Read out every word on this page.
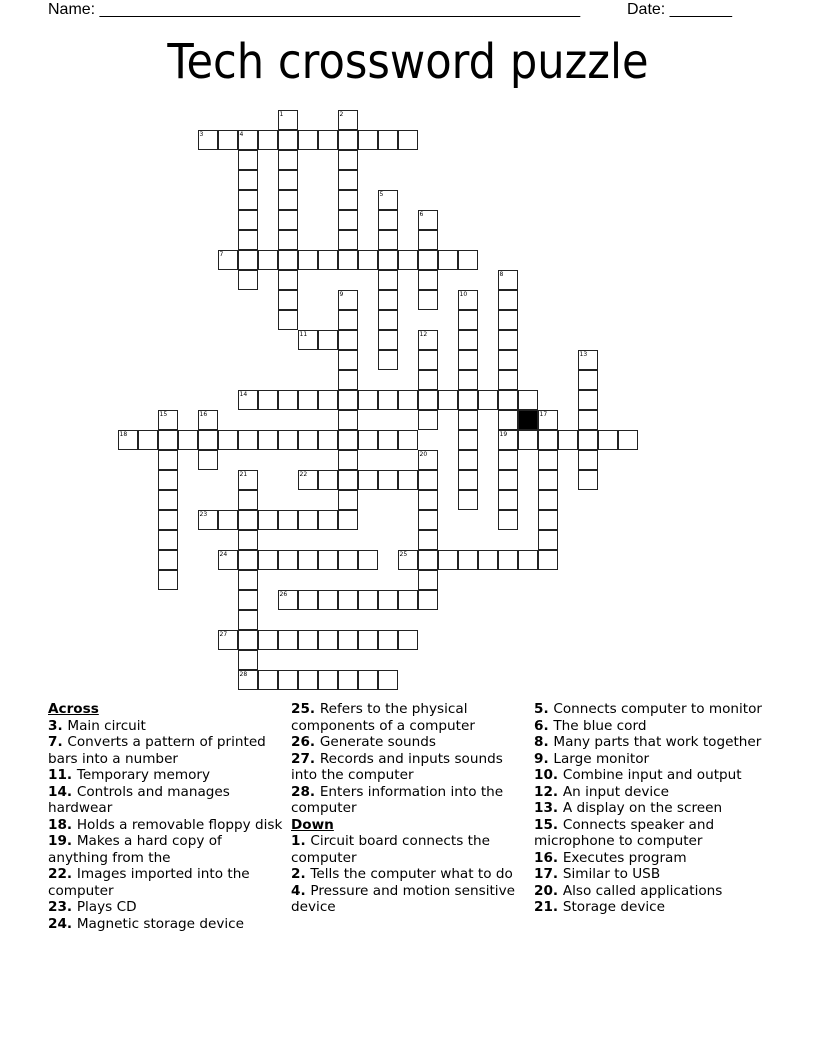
Name: ______________________________________________________	Date: _______
Tech crossword puzzle
3	4
7
11
14
18	19
22
23
24	25
26
27
28
1	2
5
6
8
9	10
12
13
15	16	17
20
21
Across
3. Main circuit
7. Converts a pattern of printed bars into a number
11. Temporary memory
14. Controls and manages hardwear
18. Holds a removable floppy disk
19. Makes a hard copy of anything from the
22. Images imported into the computer
23. Plays CD
24. Magnetic storage device
25. Refers to the physical components of a computer
26. Generate sounds
27. Records and inputs sounds into the computer
28. Enters information into the computer
Down
1. Circuit board connects the computer
2. Tells the computer what to do
4. Pressure and motion sensitive device
5. Connects computer to monitor
6. The blue cord
8. Many parts that work together
9. Large monitor
10. Combine input and output
12. An input device
13. A display on the screen
15. Connects speaker and microphone to computer
16. Executes program
17. Similar to USB
20. Also called applications
21. Storage device
